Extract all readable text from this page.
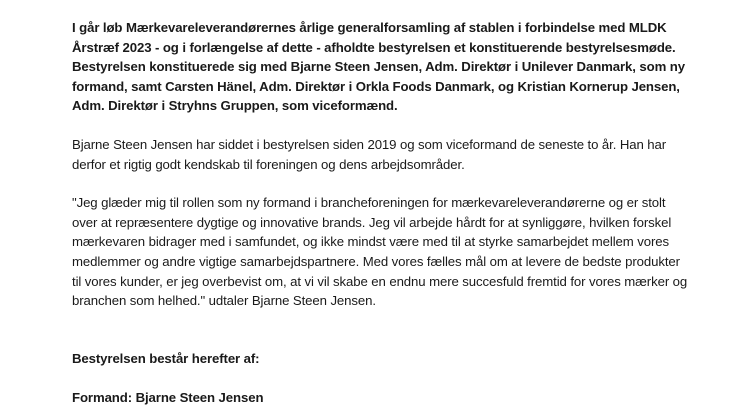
I går løb Mærkevareleverandørernes årlige generalforsamling af stablen i forbindelse med MLDK Årstræf 2023 - og i forlængelse af dette - afholdte bestyrelsen et konstituerende bestyrelsesmøde. Bestyrelsen konstituerede sig med Bjarne Steen Jensen, Adm. Direktør i Unilever Danmark, som ny formand, samt Carsten Hänel, Adm. Direktør i Orkla Foods Danmark, og Kristian Kornerup Jensen, Adm. Direktør i Stryhns Gruppen, som viceformænd.

Bjarne Steen Jensen har siddet i bestyrelsen siden 2019 og som viceformand de seneste to år. Han har derfor et rigtig godt kendskab til foreningen og dens arbejdsområder.

"Jeg glæder mig til rollen som ny formand i brancheforeningen for mærkevareleverandørerne og er stolt over at repræsentere dygtige og innovative brands. Jeg vil arbejde hårdt for at synliggøre, hvilken forskel mærkevaren bidrager med i samfundet, og ikke mindst være med til at styrke samarbejdet mellem vores medlemmer og andre vigtige samarbejdspartnere. Med vores fælles mål om at levere de bedste produkter til vores kunder, er jeg overbevist om, at vi vil skabe en endnu mere succesfuld fremtid for vores mærker og branchen som helhed." udtaler Bjarne Steen Jensen.

Bestyrelsen består herefter af:

Formand: Bjarne Steen Jensen
